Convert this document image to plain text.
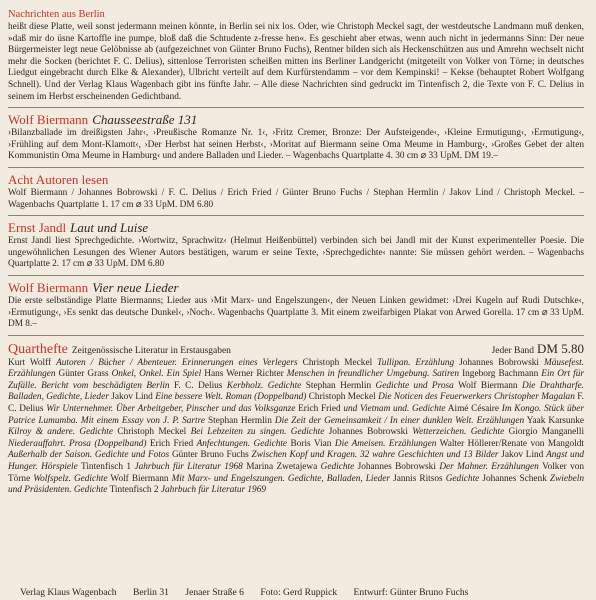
Nachrichten aus Berlin

heißt diese Platte, weil sonst jedermann meinen könnte, in Berlin sei nix los. Oder, wie Christoph Meckel sagt, der westdeutsche Landmann muß denken, »daß mir do üsne Kartoffle ine pumpe, bloß daß die Schtudente z-fresse hen«. Es geschieht aber etwas, wenn auch nicht in jedermanns Sinn: Der neue Bürgermeister legt neue Gelöbnisse ab (aufgezeichnet von Günter Bruno Fuchs), Rentner bilden sich als Heckenschützen aus und Amrehn wechselt nicht mehr die Socken (berichtet F. C. Delius), sittenlose Terroristen scheißen mitten ins Berliner Landgericht (mitgeteilt von Volker von Törne; in deutsches Liedgut eingebracht durch Elke & Alexander), Ulbricht verteilt auf dem Kurfürstendamm – vor dem Kempinski! – Kekse (behauptet Robert Wolfgang Schnell). Und der Verlag Klaus Wagenbach gibt ins fünfte Jahr. – Alle diese Nachrichten sind gedruckt im Tintenfisch 2, die Texte von F. C. Delius in seinem im Herbst erscheinenden Gedichtband.

Wolf Biermann Chausseestraße 131

›Bilanzballade im dreißigsten Jahr‹, ›Preußische Romanze Nr. 1‹, ›Fritz Cremer, Bronze: Der Aufsteigende‹, ›Kleine Ermutigung‹, ›Ermutigung‹, ›Frühling auf dem Mont-Klamott‹, ›Der Herbst hat seinen Herbst‹, ›Moritat auf Biermann seine Oma Meume in Hamburg‹, ›Großes Gebet der alten Kommunistin Oma Meume in Hamburg‹ und andere Balladen und Lieder. – Wagenbachs Quartplatte 4. 30 cm ⌀ 33 UpM. DM 19.–

Acht Autoren lesen

Wolf Biermann / Johannes Bobrowski / F. C. Delius / Erich Fried / Günter Bruno Fuchs / Stephan Hermlin / Jakov Lind / Christoph Meckel. – Wagenbachs Quartplatte 1. 17 cm ⌀ 33 UpM. DM 6.80

Ernst Jandl Laut und Luise

Ernst Jandl liest Sprechgedichte. ›Wortwitz, Sprachwitz‹ (Helmut Heißenbüttel) verbinden sich bei Jandl mit der Kunst experimenteller Poesie. Die ungewöhnlichen Lesungen des Wiener Autors bestätigen, warum er seine Texte, ›Sprechgedichte‹ nannte: Sie müssen gehört werden. – Wagenbachs Quartplatte 2. 17 cm ⌀ 33 UpM. DM 6.80

Wolf Biermann Vier neue Lieder

Die erste selbständige Platte Biermanns; Lieder aus ›Mit Marx- und Engelszungen‹, der Neuen Linken gewidmet: ›Drei Kugeln auf Rudi Dutschke‹, ›Ermutigung‹, ›Es senkt das deutsche Dunkel‹, ›Noch‹. Wagenbachs Quartplatte 3. Mit einem zweifarbigen Plakat von Arwed Gorella. 17 cm ⌀ 33 UpM. DM 8.–

Quarthefte Zeitgenössische Literatur in Erstausgaben	Jeder Band DM 5.80

Kurt Wolff Autoren / Bücher / Abenteuer. Erinnerungen eines Verlegers Christoph Meckel Tullipan. Erzählung Johannes Bobrowski Mäusefest. Erzählungen Günter Grass Onkel, Onkel. Ein Spiel Hans Werner Richter Menschen in freundlicher Umgebung. Satiren Ingeborg Bachmann Ein Ort für Zufälle. Bericht vom beschädigten Berlin F. C. Delius Kerbholz. Gedichte Stephan Hermlin Gedichte und Prosa Wolf Biermann Die Drahtharfe. Balladen, Gedichte, Lieder Jakov Lind Eine bessere Welt. Roman (Doppelband) Christoph Meckel Die Noticen des Feuerwerkers Christopher Magalan F. C. Delius Wir Unternehmer. Über Arbeitgeber, Pinscher und das Volksganze Erich Fried und Vietnam und. Gedichte Aimé Césaire Im Kongo. Stück über Patrice Lumumba. Mit einem Essay von J. P. Sartre Stephan Hermlin Die Zeit der Gemeinsamkeit / In einer dunklen Welt. Erzählungen Yaak Karsunke Kilroy & andere. Gedichte Christoph Meckel Bei Lebzeiten zu singen. Gedichte Johannes Bobrowski Wetterzeichen. Gedichte Giorgio Manganelli Niederauffahrt. Prosa (Doppelband) Erich Fried Anfechtungen. Gedichte Boris Vian Die Ameisen. Erzählungen Walter Höllerer/Renate von Mangoldt Außerhalb der Saison. Gedichte und Fotos Günter Bruno Fuchs Zwischen Kopf und Kragen. 32 wahre Geschichten und 13 Bilder Jakov Lind Angst und Hunger. Hörspiele Tintenfisch 1 Jahrbuch für Literatur 1968 Marina Zwetajewa Gedichte Johannes Bobrowski Der Mahner. Erzählungen Volker von Törne Wolfspelz. Gedichte Wolf Biermann Mit Marx- und Engelszungen. Gedichte, Balladen, Lieder Jannis Ritsos Gedichte Johannes Schenk Zwiebeln und Präsidenten. Gedichte Tintenfisch 2 Jahrbuch für Literatur 1969

Verlag Klaus Wagenbach Berlin 31 Jenaer Straße 6 Foto: Gerd Ruppick Entwurf: Günter Bruno Fuchs
